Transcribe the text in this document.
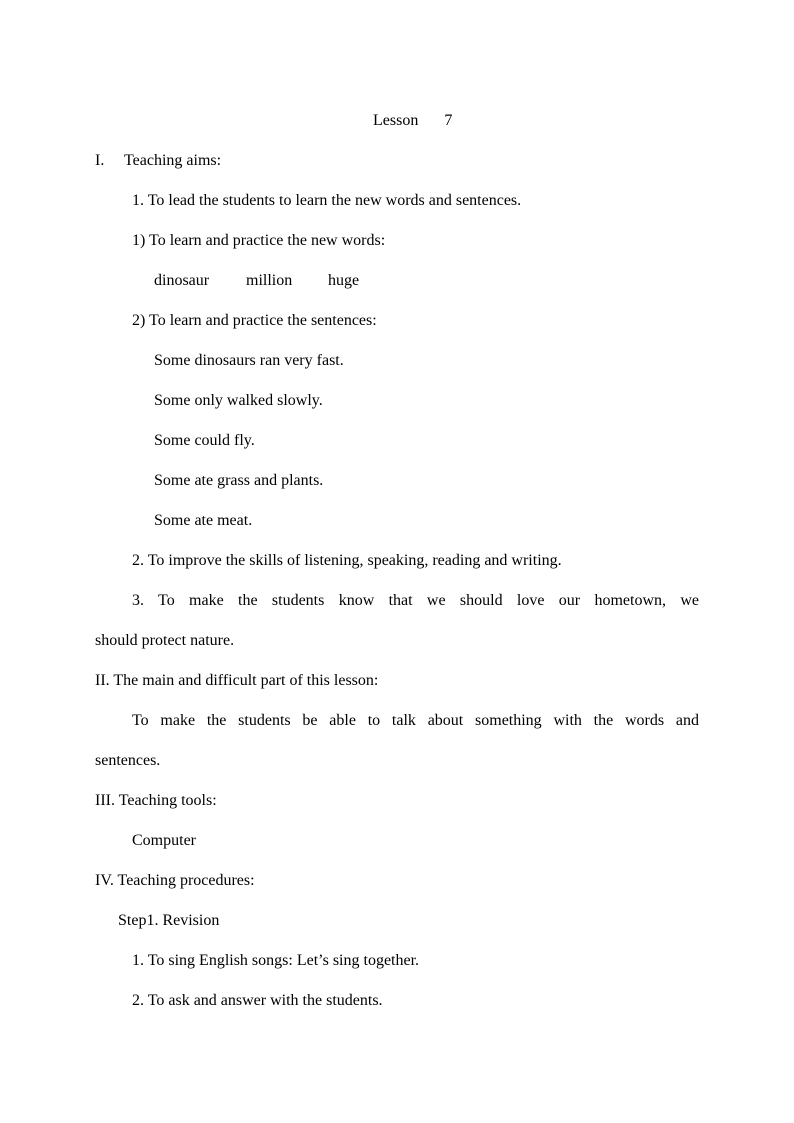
Lesson 7
I. Teaching aims:
1. To lead the students to learn the new words and sentences.
1) To learn and practice the new words:
dinosaur million huge
2) To learn and practice the sentences:
Some dinosaurs ran very fast.
Some only walked slowly.
Some could fly.
Some ate grass and plants.
Some ate meat.
2. To improve the skills of listening, speaking, reading and writing.
3. To make the students know that we should love our hometown, we
should protect nature.
II. The main and difficult part of this lesson:
To make the students be able to talk about something with the words and
sentences.
III. Teaching tools:
Computer
IV. Teaching procedures:
Step1. Revision
1. To sing English songs: Let’s sing together.
2. To ask and answer with the students.
